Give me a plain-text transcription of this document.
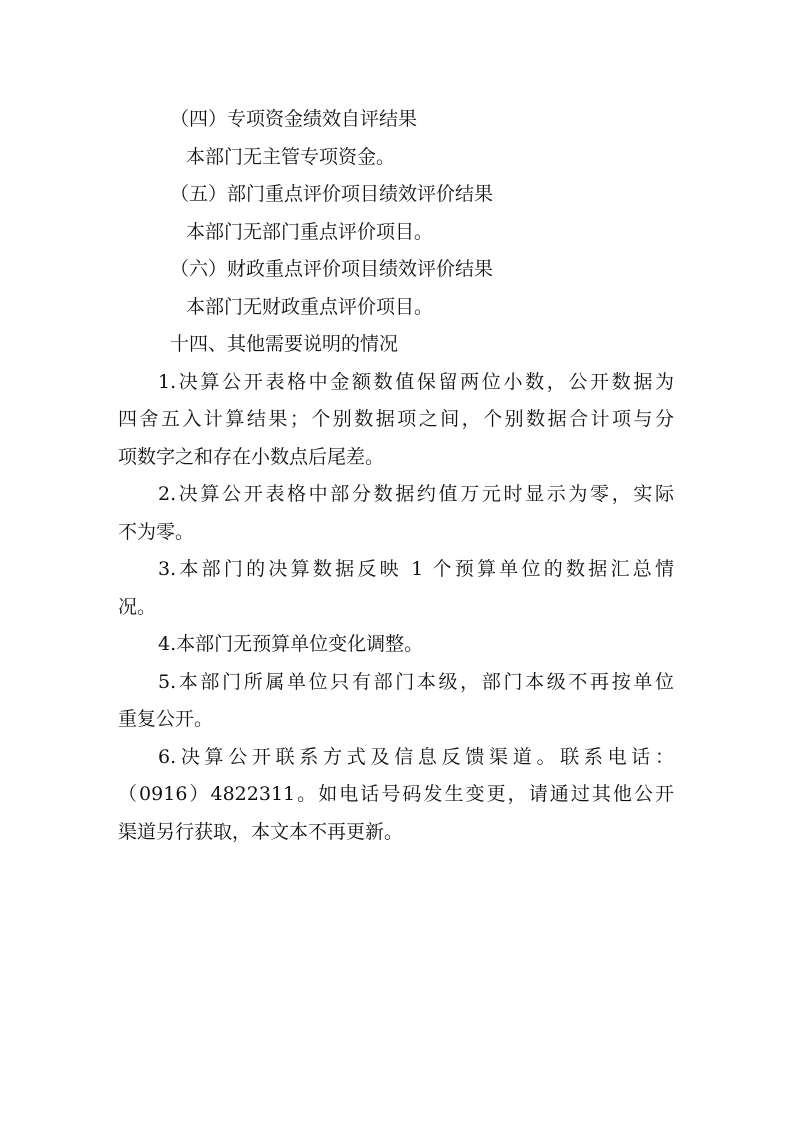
（四）专项资金绩效自评结果
本部门无主管专项资金。
（五）部门重点评价项目绩效评价结果
本部门无部门重点评价项目。
（六）财政重点评价项目绩效评价结果
本部门无财政重点评价项目。
十四、其他需要说明的情况
1.决算公开表格中金额数值保留两位小数，公开数据为
四舍五入计算结果；个别数据项之间，个别数据合计项与分
项数字之和存在小数点后尾差。
2.决算公开表格中部分数据约值万元时显示为零，实际
不为零。
3.本部门的决算数据反映 1 个预算单位的数据汇总情
况。
4.本部门无预算单位变化调整。
5.本部门所属单位只有部门本级，部门本级不再按单位
重复公开。
6.决算公开联系方式及信息反馈渠道。联系电话：
（0916）4822311。如电话号码发生变更，请通过其他公开
渠道另行获取，本文本不再更新。
